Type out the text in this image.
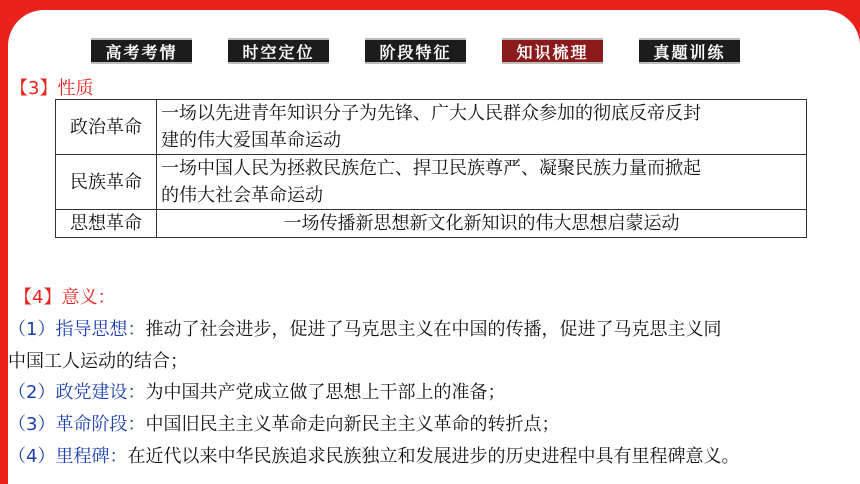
高考考情	时空定位	阶段特征	知识梳理	真题训练
【3】性质
政治革命	一场以先进青年知识分子为先锋、广大人民群众参加的彻底反帝反封
建的伟大爱国革命运动

民族革命	一场中国人民为拯救民族危亡、捍卫民族尊严、凝聚民族力量而掀起
的伟大社会革命运动

思想革命	一场传播新思想新文化新知识的伟大思想启蒙运动
【4】意义：
（1）指导思想：推动了社会进步，促进了马克思主义在中国的传播，促进了马克思主义同
中国工人运动的结合；
（2）政党建设：为中国共产党成立做了思想上干部上的准备；
（3）革命阶段：中国旧民主主义革命走向新民主主义革命的转折点；
（4）里程碑：在近代以来中华民族追求民族独立和发展进步的历史进程中具有里程碑意义。
